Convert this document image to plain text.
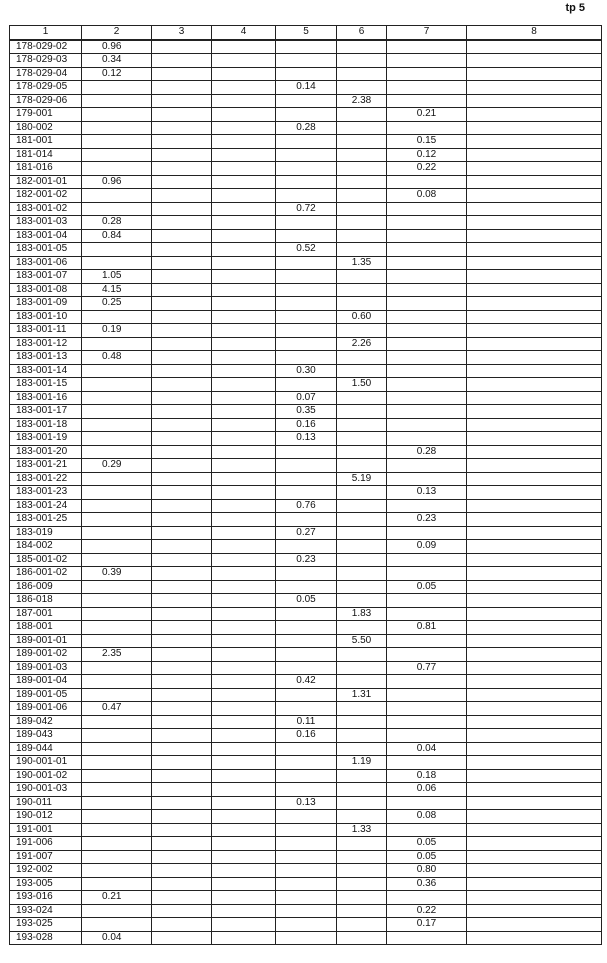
tp 5
1	2	3	4	5	6	7	8
178-029-02	0.96						
178-029-03	0.34						
178-029-04	0.12						
178-029-05				0.14			
178-029-06					2.38		
179-001						0.21	
180-002				0.28			
181-001						0.15	
181-014						0.12	
181-016						0.22	
182-001-01	0.96						
182-001-02						0.08	
183-001-02				0.72			
183-001-03	0.28						
183-001-04	0.84						
183-001-05				0.52			
183-001-06					1.35		
183-001-07	1.05						
183-001-08	4.15						
183-001-09	0.25						
183-001-10					0.60		
183-001-11	0.19						
183-001-12					2.26		
183-001-13	0.48						
183-001-14				0.30			
183-001-15					1.50		
183-001-16				0.07			
183-001-17				0.35			
183-001-18				0.16			
183-001-19				0.13			
183-001-20						0.28	
183-001-21	0.29						
183-001-22					5.19		
183-001-23						0.13	
183-001-24				0.76			
183-001-25						0.23	
183-019				0.27			
184-002						0.09	
185-001-02				0.23			
186-001-02	0.39						
186-009						0.05	
186-018				0.05			
187-001					1.83		
188-001						0.81	
189-001-01					5.50		
189-001-02	2.35						
189-001-03						0.77	
189-001-04				0.42			
189-001-05					1.31		
189-001-06	0.47						
189-042				0.11			
189-043				0.16			
189-044						0.04	
190-001-01					1.19		
190-001-02						0.18	
190-001-03						0.06	
190-011				0.13			
190-012						0.08	
191-001					1.33		
191-006						0.05	
191-007						0.05	
192-002						0.80	
193-005						0.36	
193-016	0.21						
193-024						0.22	
193-025						0.17	
193-028	0.04						
